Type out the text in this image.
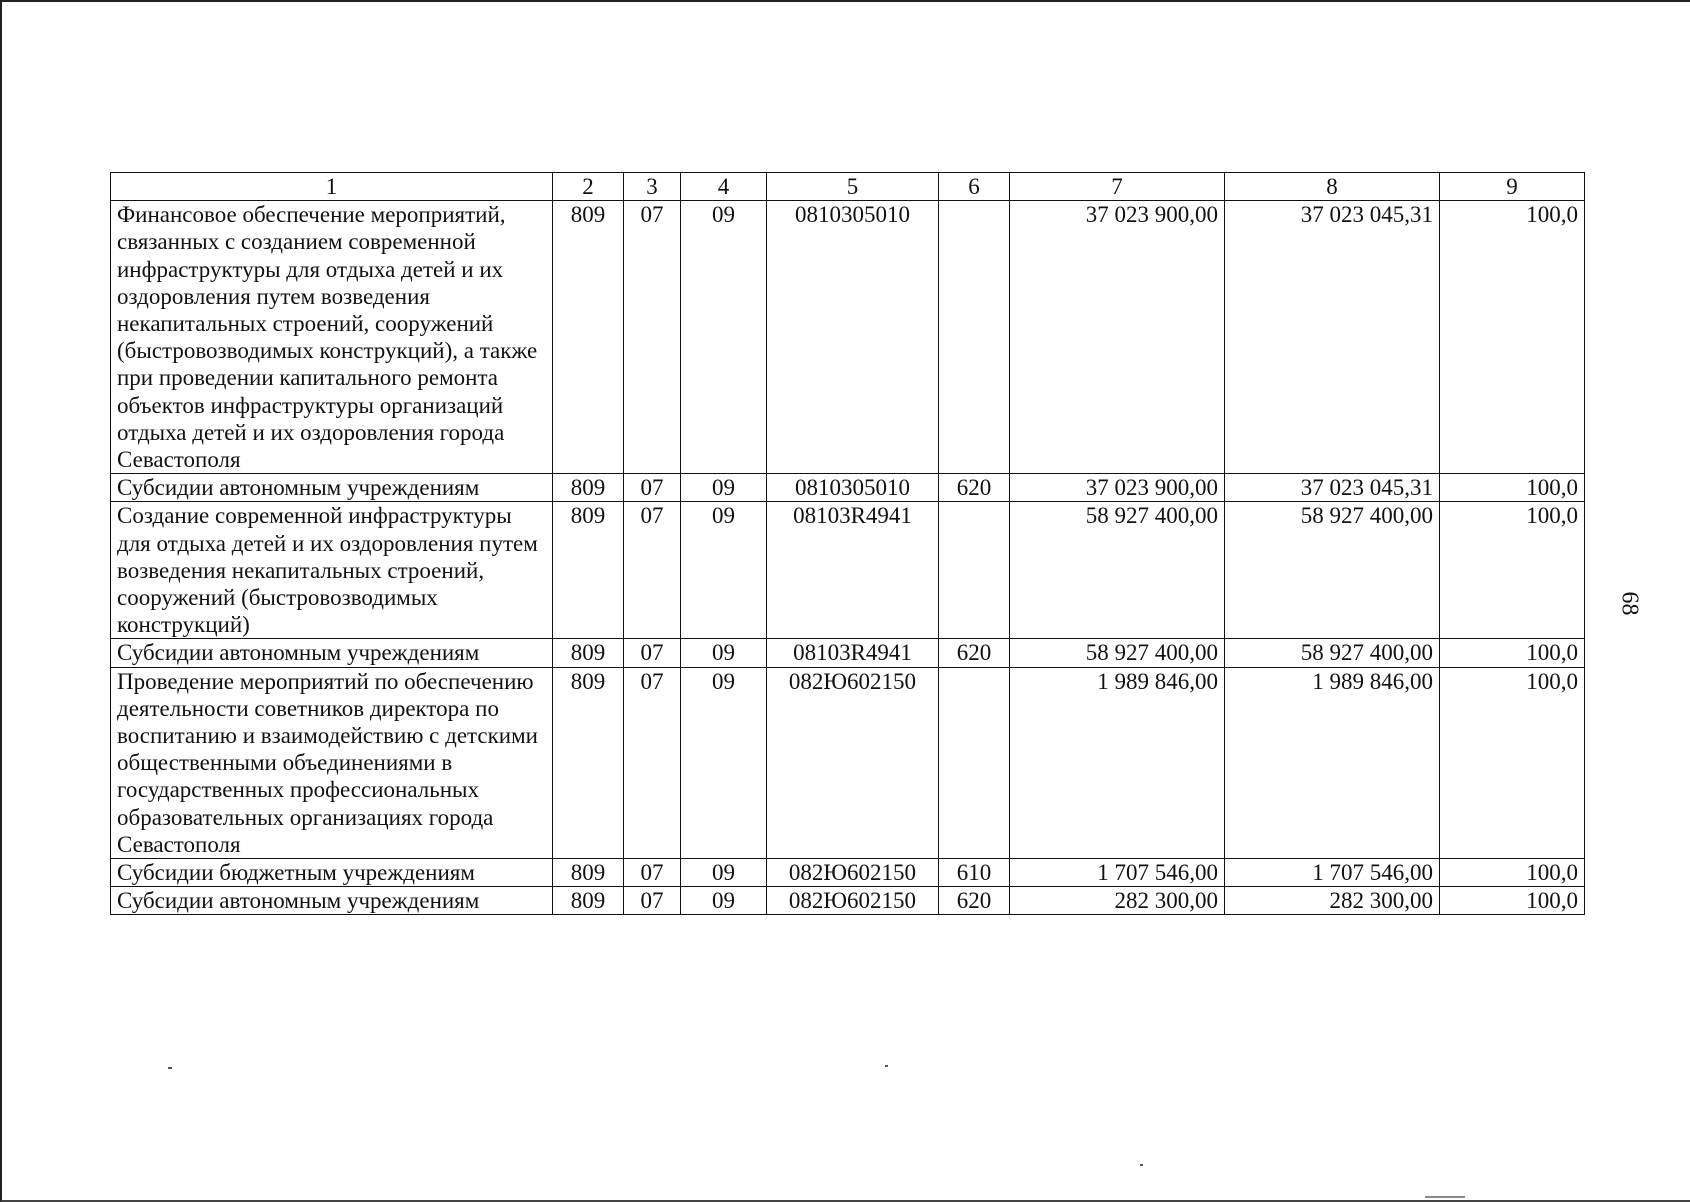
1	2	3	4	5	6	7	8	9
Финансовое обеспечение мероприятий, связанных с созданием современной инфраструктуры для отдыха детей и их оздоровления путем возведения некапитальных строений, сооружений (быстровозводимых конструкций), а также при проведении капитального ремонта объектов инфраструктуры организаций отдыха детей и их оздоровления города Севастополя	809	07	09	0810305010		37 023 900,00	37 023 045,31	100,0
Субсидии автономным учреждениям	809	07	09	0810305010	620	37 023 900,00	37 023 045,31	100,0
Создание современной инфраструктуры для отдыха детей и их оздоровления путем возведения некапитальных строений, сооружений (быстровозводимых конструкций)	809	07	09	08103R4941		58 927 400,00	58 927 400,00	100,0
Субсидии автономным учреждениям	809	07	09	08103R4941	620	58 927 400,00	58 927 400,00	100,0
Проведение мероприятий по обеспечению деятельности советников директора по воспитанию и взаимодействию с детскими общественными объединениями в государственных профессиональных образовательных организациях города Севастополя	809	07	09	082Ю602150		1 989 846,00	1 989 846,00	100,0
Субсидии бюджетным учреждениям	809	07	09	082Ю602150	610	1 707 546,00	1 707 546,00	100,0
Субсидии автономным учреждениям	809	07	09	082Ю602150	620	282 300,00	282 300,00	100,0
68
